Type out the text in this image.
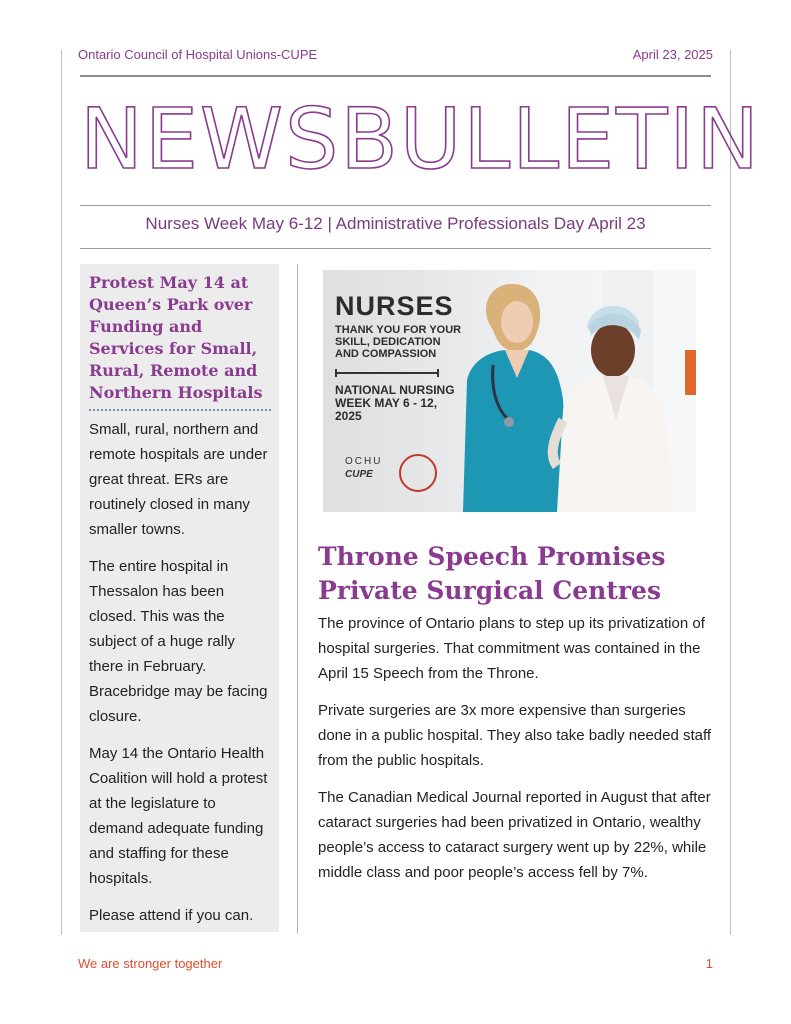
Ontario Council of Hospital Unions-CUPE	April 23, 2025
NEWSBULLETIN
Nurses Week May 6-12 | Administrative Professionals Day April 23
Protest May 14 at Queen’s Park over Funding and Services for Small, Rural, Remote and Northern Hospitals

Small, rural, northern and remote hospitals are under great threat. ERs are routinely closed in many smaller towns.

The entire hospital in Thessalon has been closed. This was the subject of a huge rally there in February. Bracebridge may be facing closure.

May 14 the Ontario Health Coalition will hold a protest at the legislature to demand adequate funding and staffing for these hospitals.

Please attend if you can.

NURSES
THANK YOU FOR YOUR SKILL, DEDICATION AND COMPASSION
NATIONAL NURSING WEEK MAY 6 - 12, 2025
OCHU
CUPE
Throne Speech Promises Private Surgical Centres

The province of Ontario plans to step up its privatization of hospital surgeries. That commitment was contained in the April 15 Speech from the Throne.

Private surgeries are 3x more expensive than surgeries done in a public hospital. They also take badly needed staff from the public hospitals.

The Canadian Medical Journal reported in August that after cataract surgeries had been privatized in Ontario, wealthy people’s access to cataract surgery went up by 22%, while middle class and poor people’s access fell by 7%.

We are stronger together	1
